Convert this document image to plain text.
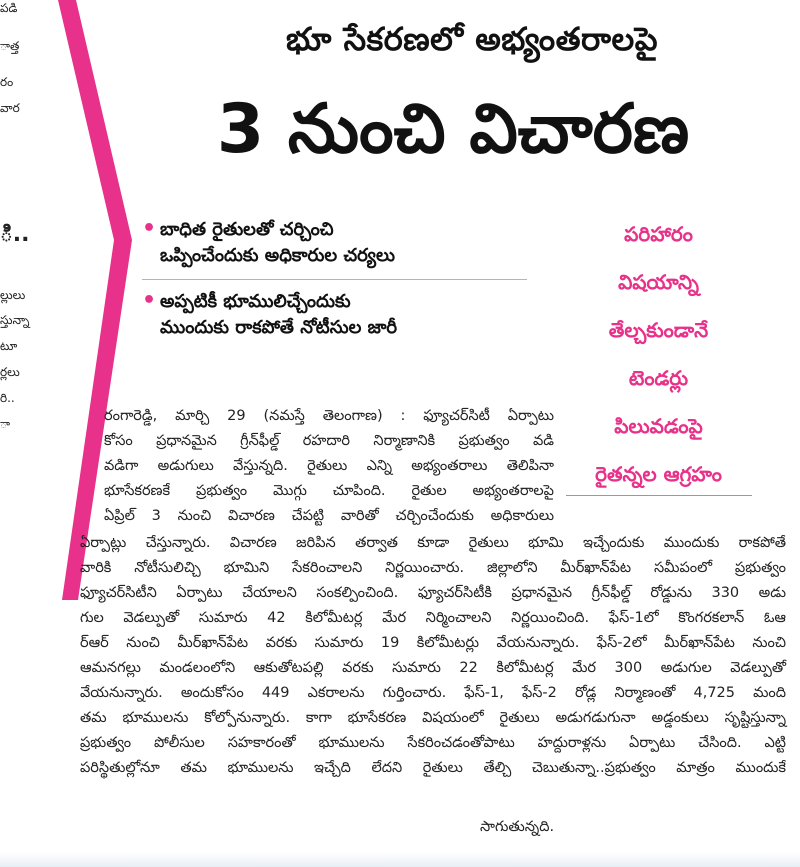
పడి
ాత్త
రం
వార
ి..
ల్లులు
స్తున్నా
టూ
ర్లలు
రి..
ా
భూ సేకరణలో అభ్యంతరాలపై
3 నుంచి విచారణ
• బాధిత రైతులతో చర్చించి
ఒప్పించేందుకు అధికారుల చర్యలు
• అప్పటికీ భూములిచ్చేందుకు
ముందుకు రాకపోతే నోటీసుల జారీ
పరిహారం
విషయాన్ని
తేల్చకుండానే
టెండర్లు
పిలువడంపై
రైతన్నల ఆగ్రహం
రంగారెడ్డి, మార్చి 29 (నమస్తే తెలంగాణ) : ఫ్యూచర్‌సిటీ ఏర్పాటు
కోసం ప్రధానమైన గ్రీన్‌ఫీల్డ్ రహదారి నిర్మాణానికి ప్రభుత్వం వడి
వడిగా అడుగులు వేస్తున్నది. రైతులు ఎన్ని అభ్యంతరాలు తెలిపినా
భూసేకరణకే ప్రభుత్వం మొగ్గు చూపింది. రైతుల అభ్యంతరాలపై
ఏప్రిల్ 3 నుంచి విచారణ చేపట్టి వారితో చర్చించేందుకు అధికారులు
ఏర్పాట్లు చేస్తున్నారు. విచారణ జరిపిన తర్వాత కూడా రైతులు భూమి ఇచ్చేందుకు ముందుకు రాకపోతే
వారికి నోటీసులిచ్చి భూమిని సేకరించాలని నిర్ణయించారు. జిల్లాలోని మీర్‌ఖాన్‌పేట సమీపంలో ప్రభుత్వం
ఫ్యూచర్‌సిటీని ఏర్పాటు చేయాలని సంకల్పించింది. ఫ్యూచర్‌సిటీకి ప్రధానమైన గ్రీన్‌ఫీల్డ్ రోడ్డును 330 అడు
గుల వెడల్పుతో సుమారు 42 కిలోమీటర్ల మేర నిర్మించాలని నిర్ణయించింది. ఫేస్-1లో కొంగరకలాన్ ఓఆ
ర్‌ఆర్ నుంచి మీర్‌ఖాన్‌పేట వరకు సుమారు 19 కిలోమీటర్లు వేయనున్నారు. ఫేస్-2లో మీర్‌ఖాన్‌పేట నుంచి
ఆమనగల్లు మండలంలోని ఆకుతోటపల్లి వరకు సుమారు 22 కిలోమీటర్ల మేర 300 అడుగుల వెడల్పుతో
వేయనున్నారు. అందుకోసం 449 ఎకరాలను గుర్తించారు. ఫేస్-1, ఫేస్-2 రోడ్ల నిర్మాణంతో 4,725 మంది
తమ భూములను కోల్పోనున్నారు. కాగా భూసేకరణ విషయంలో రైతులు అడుగడుగునా అడ్డంకులు సృష్టిస్తున్నా
ప్రభుత్వం పోలీసుల సహకారంతో భూములను సేకరించడంతోపాటు హద్దురాళ్లను ఏర్పాటు చేసింది. ఎట్టి
పరిస్థితుల్లోనూ తమ భూములను ఇచ్చేది లేదని రైతులు తేల్చి చెబుతున్నా..ప్రభుత్వం మాత్రం ముందుకే
సాగుతున్నది.
